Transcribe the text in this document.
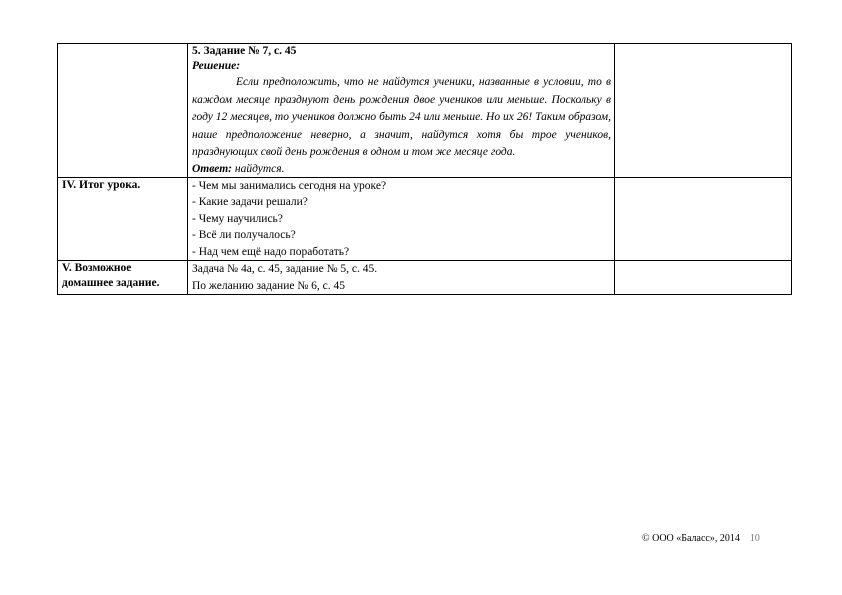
	5. Задание № 7, с. 45
Решение:
Если предположить, что не найдутся ученики, названные в условии, то в каждом месяце празднуют день рождения двое учеников или меньше. Поскольку в году 12 месяцев, то учеников должно быть 24 или меньше. Но их 26! Таким образом, наше предположение неверно, а значит, найдутся хотя бы трое учеников, празднующих свой день рождения в одном и том же месяце года.
Ответ: найдутся.	

IV. Итог урока.	- Чем мы занимались сегодня на уроке?
- Какие задачи решали?
- Чему научились?
- Всё ли получалось?
- Над чем ещё надо поработать?	

V. Возможное домашнее задание.	Задача № 4а, с. 45, задание № 5, с. 45.
По желанию задание № 6, с. 45	

© ООО «Баласс», 2014 10
